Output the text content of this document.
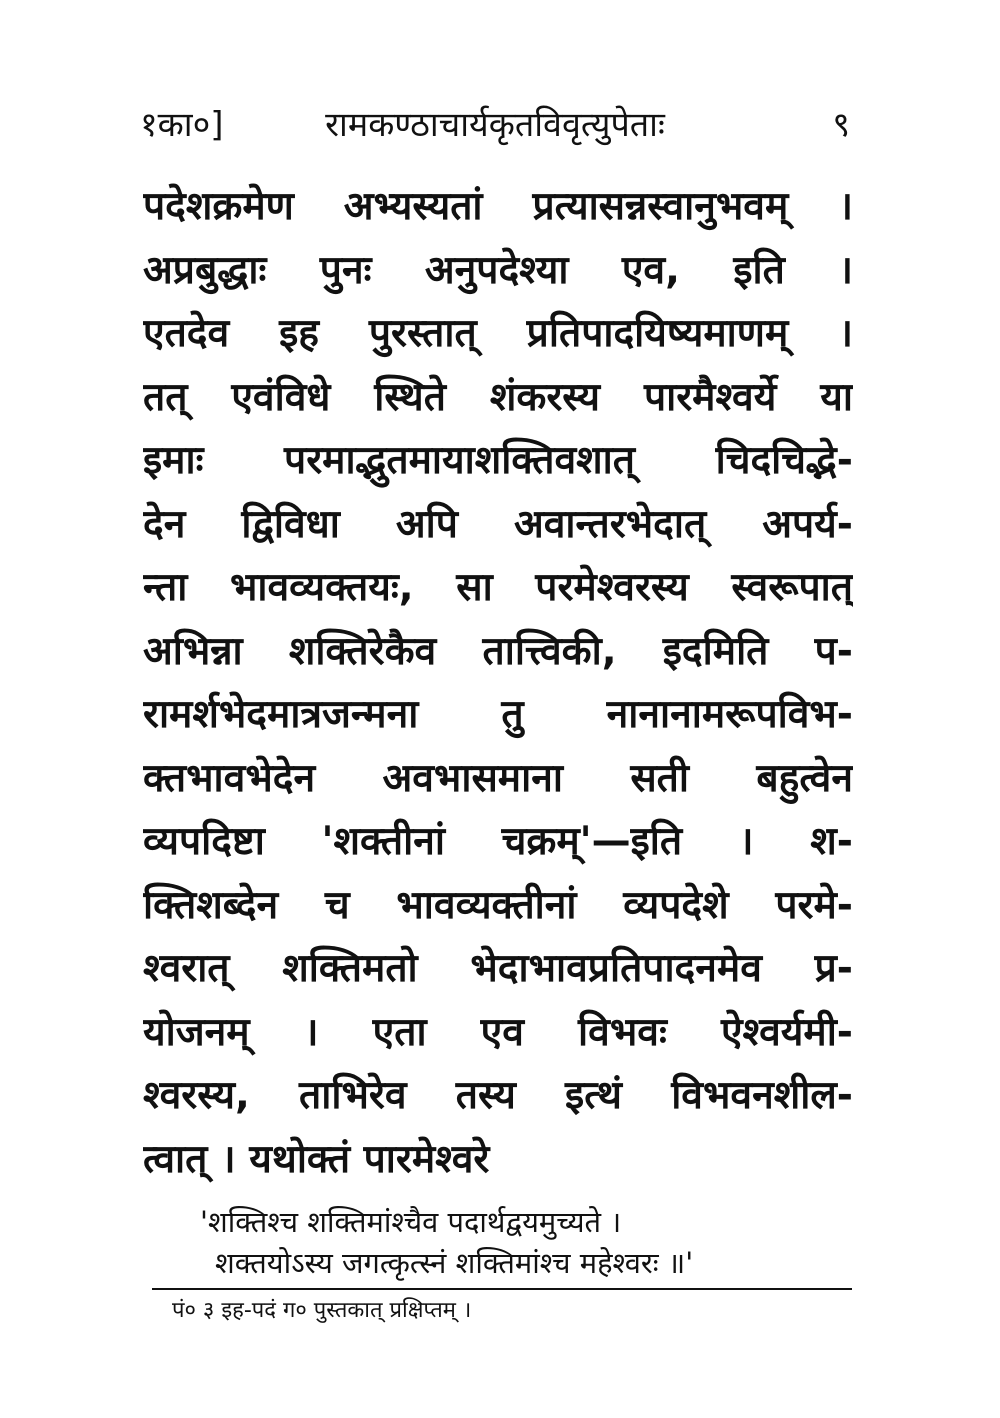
१का०]	रामकण्ठाचार्यकृतविवृत्युपेताः	९
पदेशक्रमेण अभ्यस्यतां प्रत्यासन्नस्वानुभवम् ।
अप्रबुद्धाः पुनः अनुपदेश्या एव, इति ।
एतदेव इह पुरस्तात् प्रतिपादयिष्यमाणम् ।
तत् एवंविधे स्थिते शंकरस्य पारमैश्वर्ये या
इमाः परमाद्भुतमायाशक्तिवशात् चिदचिद्भे-
देन द्विविधा अपि अवान्तरभेदात् अपर्य-
न्ता भावव्यक्तयः, सा परमेश्वरस्य स्वरूपात्
अभिन्ना शक्तिरेकैव तात्त्विकी, इदमिति प-
रामर्शभेदमात्रजन्मना तु नानानामरूपविभ-
क्तभावभेदेन अवभासमाना सती बहुत्वेन
व्यपदिष्टा 'शक्तीनां चक्रम्'—इति । श-
क्तिशब्देन च भावव्यक्तीनां व्यपदेशे परमे-
श्वरात् शक्तिमतो भेदाभावप्रतिपादनमेव प्र-
योजनम् । एता एव विभवः ऐश्वर्यमी-
श्वरस्य, ताभिरेव तस्य इत्थं विभवनशील-
त्वात् । यथोक्तं पारमेश्वरे
'शक्तिश्च शक्तिमांश्चैव पदार्थद्वयमुच्यते ।
शक्तयोऽस्य जगत्कृत्स्नं शक्तिमांश्च महेश्वरः ॥'
पं० ३ इह-पदं ग० पुस्तकात् प्रक्षिप्तम् ।
